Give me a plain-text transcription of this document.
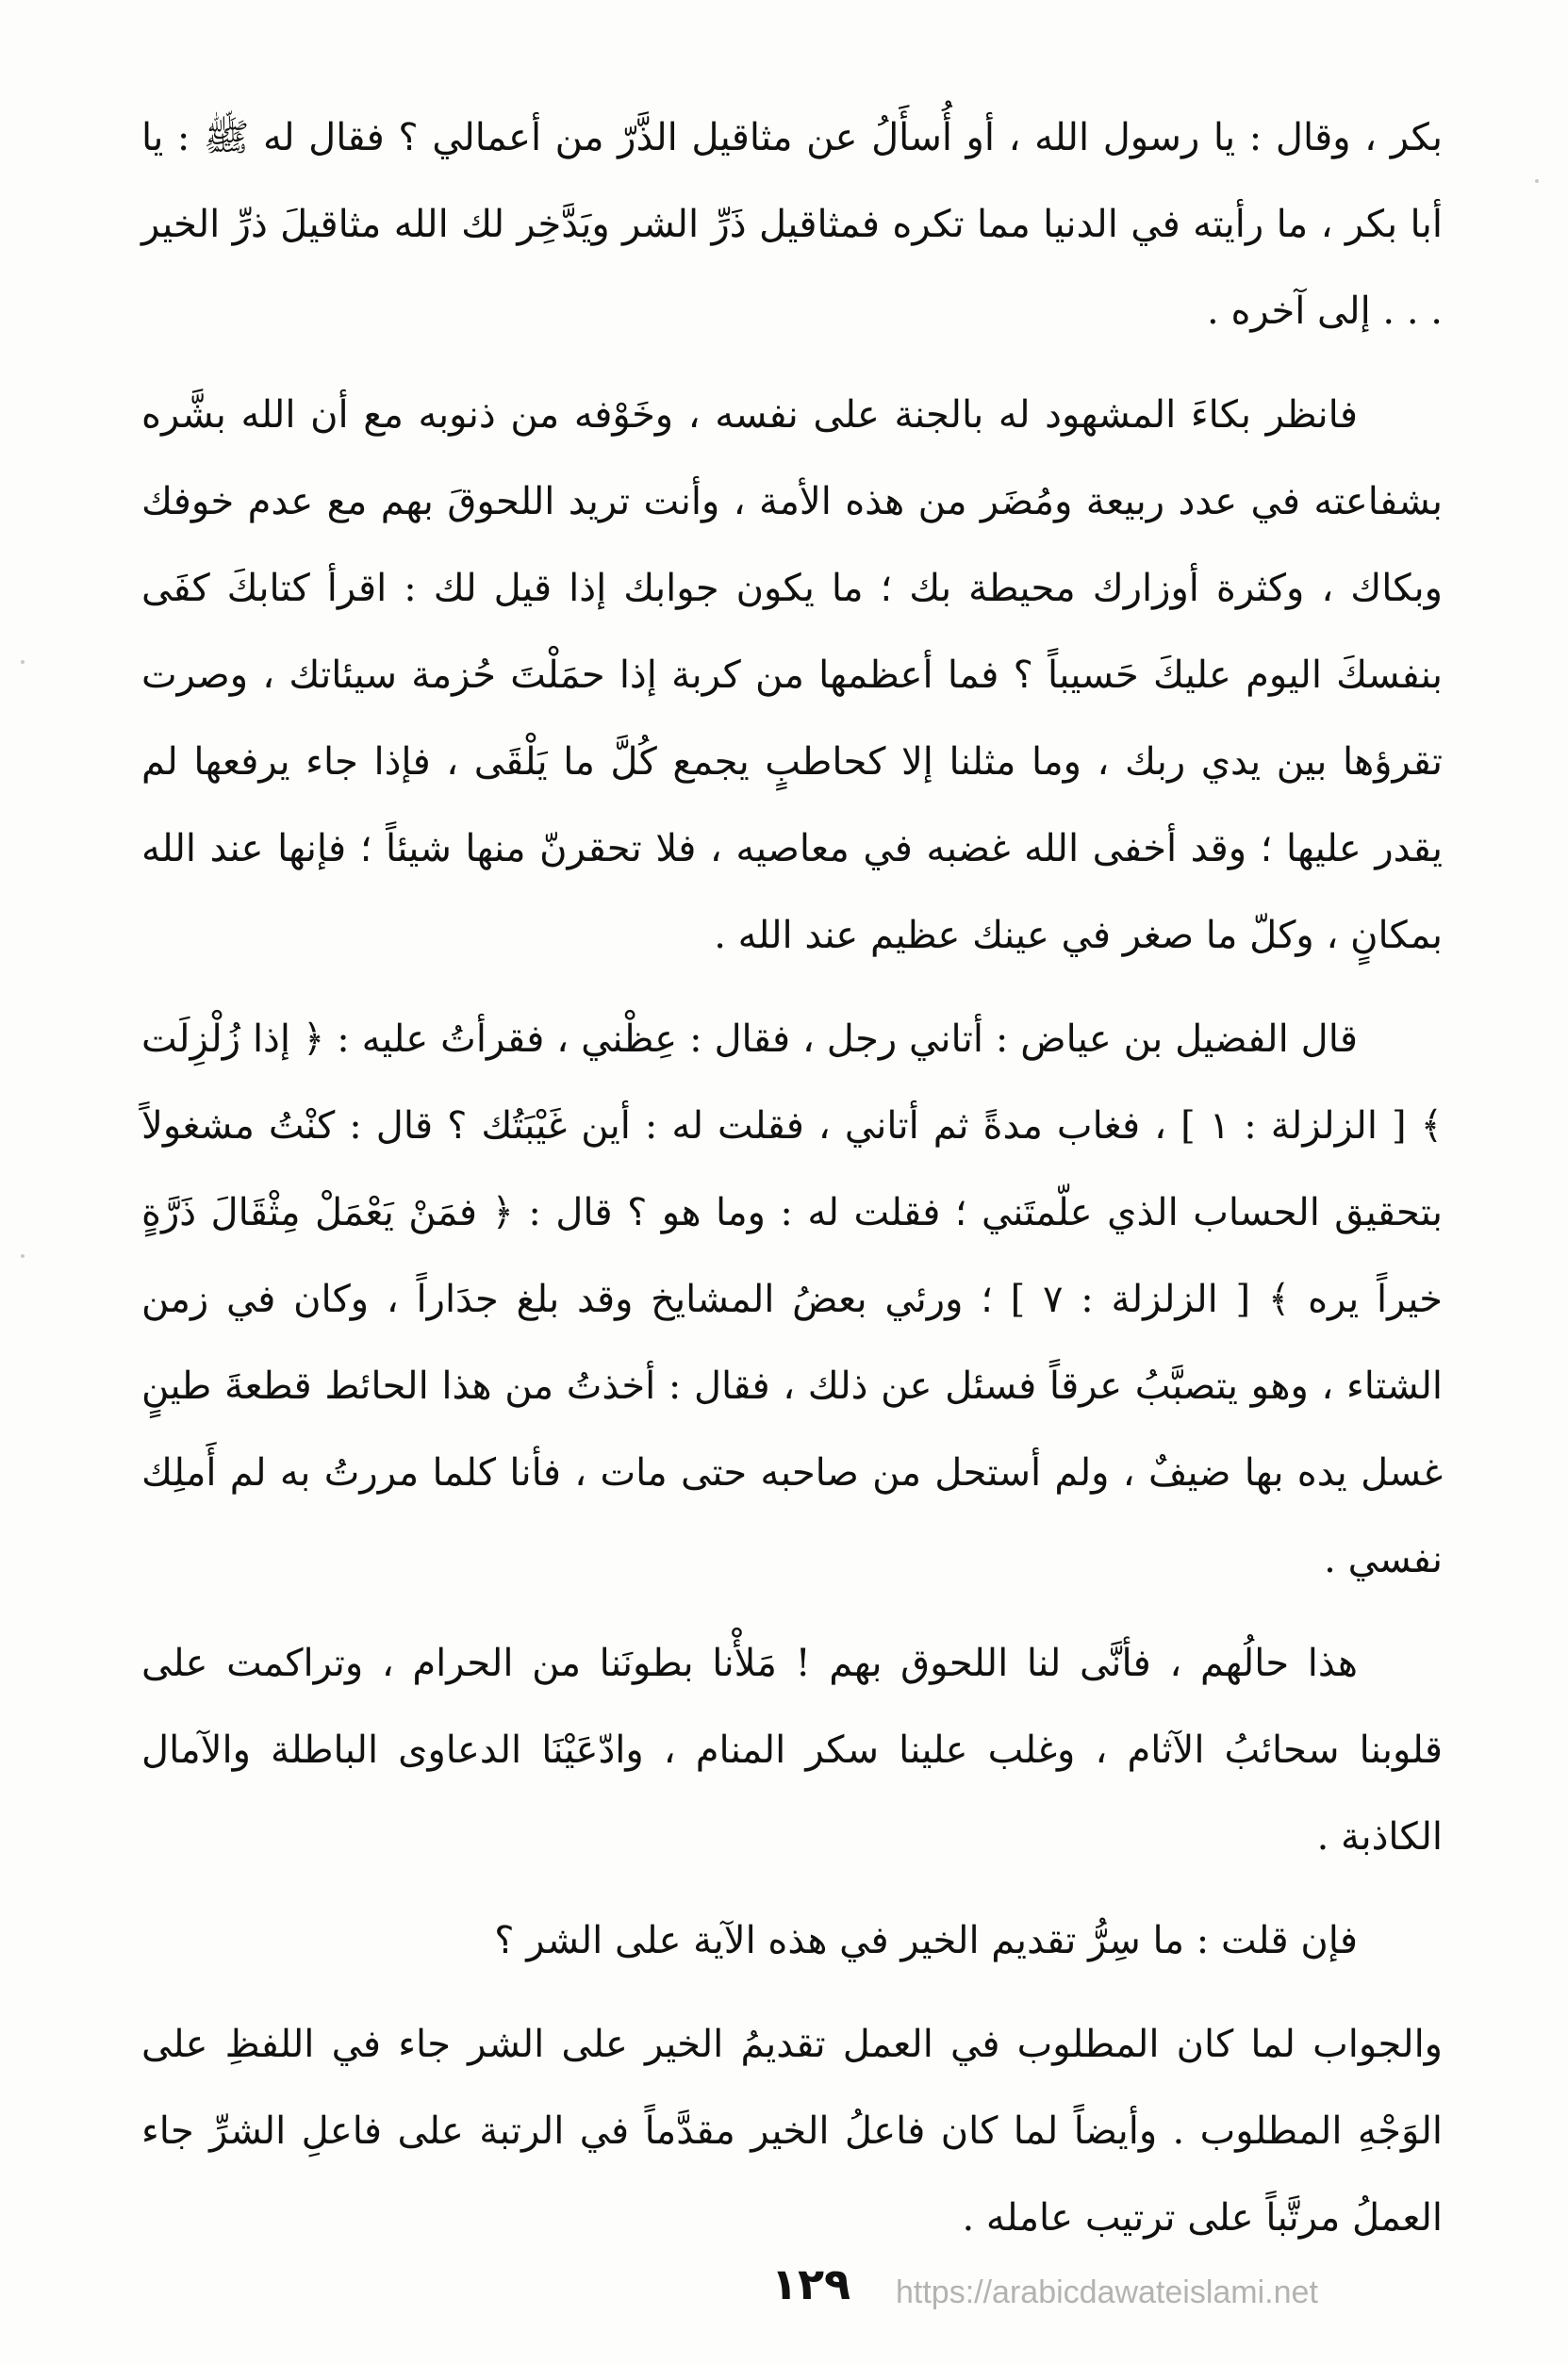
بكر ، وقال : يا رسول الله ، أو أُسأَلُ عن مثاقيل الذَّرّ من أعمالي ؟ فقال له ﷺ : يا أبا بكر ، ما رأيته في الدنيا مما تكره فمثاقيل ذَرِّ الشر ويَدَّخِر لك الله مثاقيلَ ذرِّ الخير . . . إلى آخره .

فانظر بكاءَ المشهود له بالجنة على نفسه ، وخَوْفه من ذنوبه مع أن الله بشَّره بشفاعته في عدد ربيعة ومُضَر من هذه الأمة ، وأنت تريد اللحوقَ بهم مع عدم خوفك وبكاك ، وكثرة أوزارك محيطة بك ؛ ما يكون جوابك إذا قيل لك : اقرأ كتابكَ كفَى بنفسكَ اليوم عليكَ حَسيباً ؟ فما أعظمها من كربة إذا حمَلْتَ حُزمة سيئاتك ، وصرت تقرؤها بين يدي ربك ، وما مثلنا إلا كحاطبٍ يجمع كُلَّ ما يَلْقَى ، فإذا جاء يرفعها لم يقدر عليها ؛ وقد أخفى الله غضبه في معاصيه ، فلا تحقرنّ منها شيئاً ؛ فإنها عند الله بمكانٍ ، وكلّ ما صغر في عينك عظيم عند الله .

قال الفضيل بن عياض : أتاني رجل ، فقال : عِظْني ، فقرأتُ عليه : ﴿ إذا زُلْزِلَت ﴾ [ الزلزلة : ١ ] ، فغاب مدةً ثم أتاني ، فقلت له : أين غَيْبَتُك ؟ قال : كنْتُ مشغولاً بتحقيق الحساب الذي علّمتَني ؛ فقلت له : وما هو ؟ قال : ﴿ فمَنْ يَعْمَلْ مِثْقَالَ ذَرَّةٍ خيراً يره ﴾ [ الزلزلة : ٧ ] ؛ ورئي بعضُ المشايخ وقد بلغ جدَاراً ، وكان في زمن الشتاء ، وهو يتصبَّبُ عرقاً فسئل عن ذلك ، فقال : أخذتُ من هذا الحائط قطعةَ طينٍ غسل يده بها ضيفٌ ، ولم أستحل من صاحبه حتى مات ، فأنا كلما مررتُ به لم أَملِك نفسي .

هذا حالُهم ، فأنَّى لنا اللحوق بهم ! مَلأْنا بطونَنا من الحرام ، وتراكمت على قلوبنا سحائبُ الآثام ، وغلب علينا سكر المنام ، وادّعَيْنَا الدعاوى الباطلة والآمال الكاذبة .

فإن قلت : ما سِرُّ تقديم الخير في هذه الآية على الشر ؟

والجواب لما كان المطلوب في العمل تقديمُ الخير على الشر جاء في اللفظِ على الوَجْهِ المطلوب . وأيضاً لما كان فاعلُ الخير مقدَّماً في الرتبة على فاعلِ الشرِّ جاء العملُ مرتَّباً على ترتيب عامله .

١٢٩	https://arabicdawateislami.net
